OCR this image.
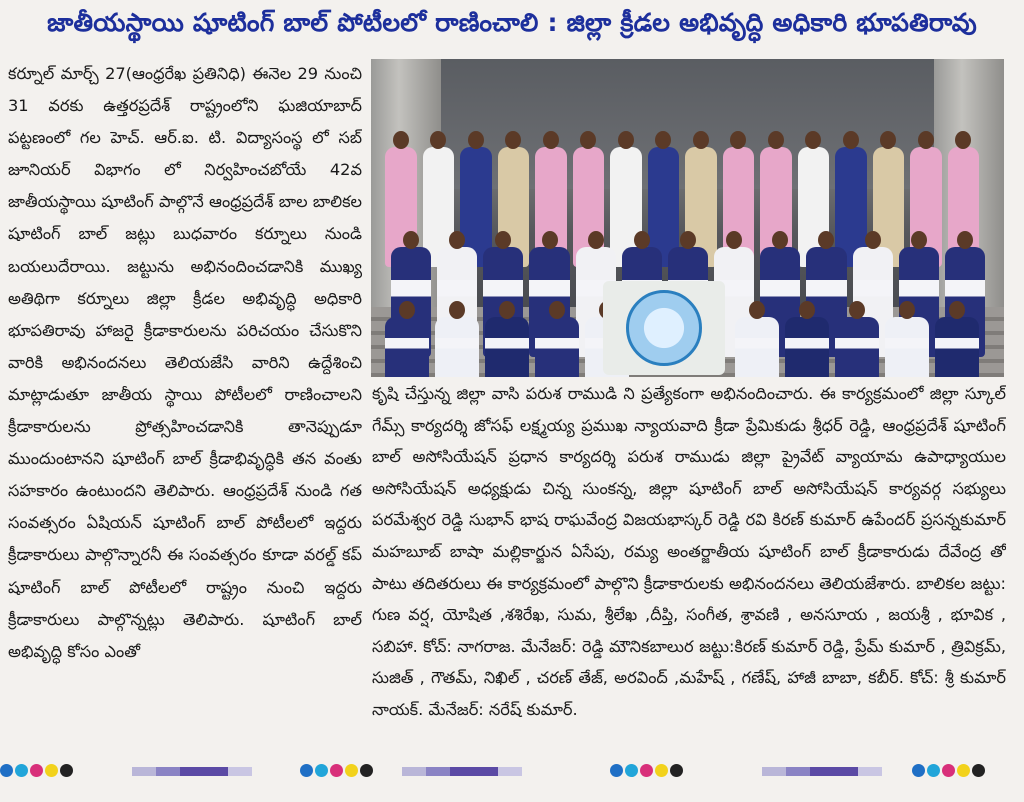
జాతీయస్థాయి షూటింగ్ బాల్ పోటీలలో రాణించాలి : జిల్లా క్రీడల అభివృద్ధి అధికారి భూపతిరావు

కర్నూల్ మార్చ్ 27(ఆంధ్రరేఖ ప్రతినిధి) ఈనెల 29 నుంచి 31 వరకు ఉత్తరప్రదేశ్ రాష్ట్రంలోని ఘజియాబాద్ పట్టణంలో గల హెచ్. ఆర్.ఐ. టి. విద్యాసంస్థ లో సబ్ జూనియర్ విభాగం లో నిర్వహించబోయే 42వ జాతీయస్థాయి షూటింగ్ పాల్గొనే ఆంధ్రప్రదేశ్ బాల బాలికల షూటింగ్ బాల్ జట్లు బుధవారం కర్నూలు నుండి బయలుదేరాయి. జట్టును అభినందించడానికి ముఖ్య అతిథిగా కర్నూలు జిల్లా క్రీడల అభివృద్ధి అధికారి భూపతిరావు హాజరై క్రీడాకారులను పరిచయం చేసుకొని వారికి అభినందనలు తెలియజేసి వారిని ఉద్దేశించి మాట్లాడుతూ జాతీయ స్థాయి పోటీలలో రాణించాలని క్రీడాకారులను ప్రోత్సహించడానికి తానెప్పుడూ ముందుంటానని షూటింగ్ బాల్ క్రీడాభివృద్ధికి తన వంతు సహకారం ఉంటుందని తెలిపారు. ఆంధ్రప్రదేశ్ నుండి గత సంవత్సరం ఏషియన్ షూటింగ్ బాల్ పోటీలలో ఇద్దరు క్రీడాకారులు పాల్గొన్నారనీ ఈ సంవత్సరం కూడా వరల్డ్ కప్ షూటింగ్ బాల్ పోటీలలో రాష్ట్రం నుంచి ఇద్దరు క్రీడాకారులు పాల్గొన్నట్లు తెలిపారు. షూటింగ్ బాల్ అభివృద్ధి కోసం ఎంతో

కృషి చేస్తున్న జిల్లా వాసి పరుశ రాముడి ని ప్రత్యేకంగా అభినందించారు. ఈ కార్యక్రమంలో జిల్లా స్కూల్ గేమ్స్ కార్యదర్శి జోసఫ్ లక్ష్మయ్య ప్రముఖ న్యాయవాది క్రీడా ప్రేమికుడు శ్రీధర్ రెడ్డి, ఆంధ్రప్రదేశ్ షూటింగ్ బాల్ అసోసియేషన్ ప్రధాన కార్యదర్శి పరుశ రాముడు జిల్లా ప్రైవేట్ వ్యాయామ ఉపాధ్యాయుల అసోసియేషన్ అధ్యక్షుడు చిన్న సుంకన్న, జిల్లా షూటింగ్ బాల్ అసోసియేషన్ కార్యవర్గ సభ్యులు పరమేశ్వర రెడ్డి సుభాన్ భాష రాఘవేంద్ర విజయభాస్కర్ రెడ్డి రవి కిరణ్ కుమార్ ఉపేందర్ ప్రసన్నకుమార్ మహబూబ్ బాషా మల్లికార్జున ఏసేపు, రమ్య అంతర్జాతీయ షూటింగ్ బాల్ క్రీడాకారుడు దేవేంద్ర తో పాటు తదితరులు ఈ కార్యక్రమంలో పాల్గొని క్రీడాకారులకు అభినందనలు తెలియజేశారు. బాలికల జట్టు: గుణ వర్ష, యోషిత ,శశిరేఖ, సుమ, శ్రీలేఖ ,దీప్తి, సంగీత, శ్రావణి , అనసూయ , జయశ్రీ , భూవిక , సబిహా. కోచ్: నాగరాజ. మేనేజర్: రెడ్డి మౌనికబాలుర జట్టు:కిరణ్ కుమార్ రెడ్డి, ప్రేమ్ కుమార్ , త్రివిక్రమ్, సుజిత్ , గౌతమ్, నిఖిల్ , చరణ్ తేజ్, అరవింద్ ,మహేష్ , గణేష్, హాజీ బాబా, కబీర్. కోచ్: శ్రీ కుమార్ నాయక్. మేనేజర్: నరేష్ కుమార్.
